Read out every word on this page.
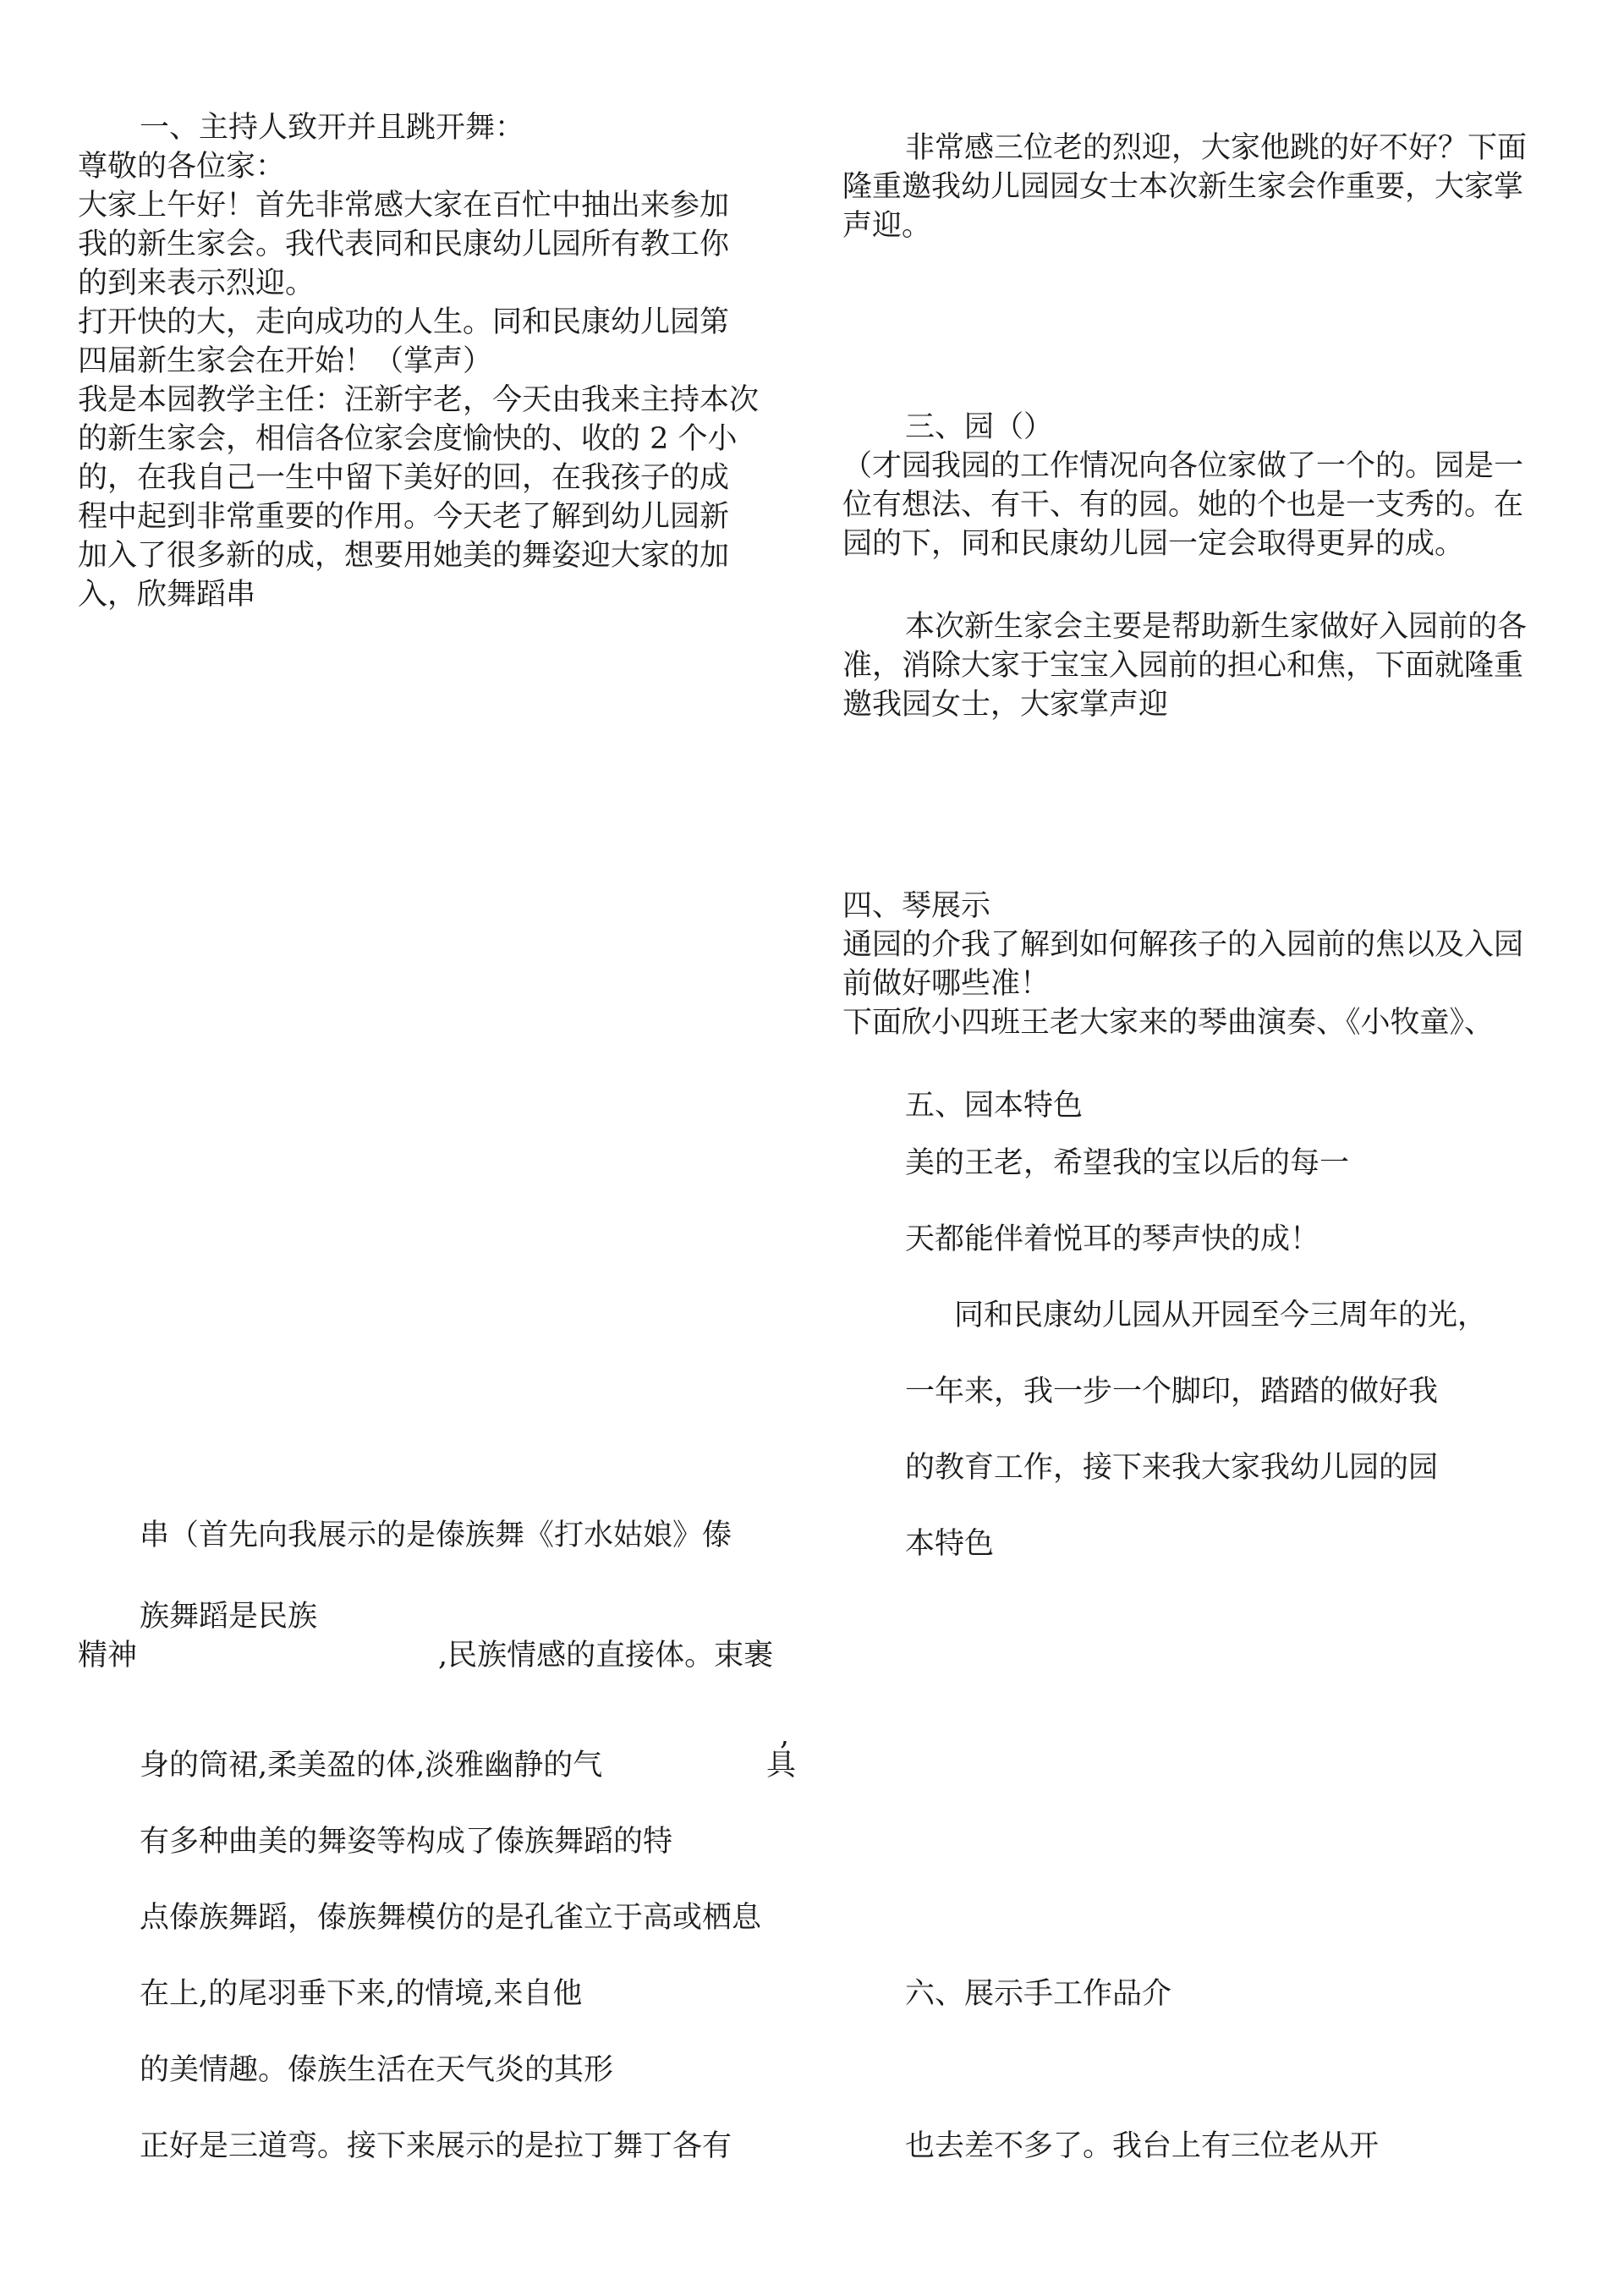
一、主持人致开并且跳开舞：
尊敬的各位家：
大家上午好！首先非常感大家在百忙中抽出来参加
我的新生家会。我代表同和民康幼儿园所有教工你
的到来表示烈迎。
打开快的大，走向成功的人生。同和民康幼儿园第
四届新生家会在开始！（掌声）
我是本园教学主任：汪新宇老，今天由我来主持本次
的新生家会，相信各位家会度愉快的、收的 2 个小
的，在我自己一生中留下美好的回，在我孩子的成
程中起到非常重要的作用。今天老了解到幼儿园新
加入了很多新的成，想要用她美的舞姿迎大家的加
入，欣舞蹈串
串（首先向我展示的是傣族舞《打水姑娘》傣
族舞蹈是民族
精神	,民族情感的直接体。束裹
,
身的筒裙,柔美盈的体,淡雅幽静的气	具
有多种曲美的舞姿等构成了傣族舞蹈的特
点傣族舞蹈，傣族舞模仿的是孔雀立于高或栖息
在上,的尾羽垂下来,的情境,来自他
的美情趣。傣族生活在天气炎的其形
正好是三道弯。接下来展示的是拉丁舞丁各有
非常感三位老的烈迎，大家他跳的好不好？下面
隆重邀我幼儿园园女士本次新生家会作重要，大家掌
声迎。
三、园（）
（才园我园的工作情况向各位家做了一个的。园是一
位有想法、有干、有的园。她的个也是一支秀的。在
园的下，同和民康幼儿园一定会取得更昇的成。
本次新生家会主要是帮助新生家做好入园前的各
准，消除大家于宝宝入园前的担心和焦，下面就隆重
邀我园女士，大家掌声迎
四、琴展示
通园的介我了解到如何解孩子的入园前的焦以及入园
前做好哪些准！
下面欣小四班王老大家来的琴曲演奏、《小牧童》、
五、园本特色
美的王老，希望我的宝以后的每一
天都能伴着悦耳的琴声快的成！
同和民康幼儿园从开园至今三周年的光，
一年来，我一步一个脚印，踏踏的做好我
的教育工作，接下来我大家我幼儿园的园
本特色
六、展示手工作品介
也去差不多了。我台上有三位老从开
